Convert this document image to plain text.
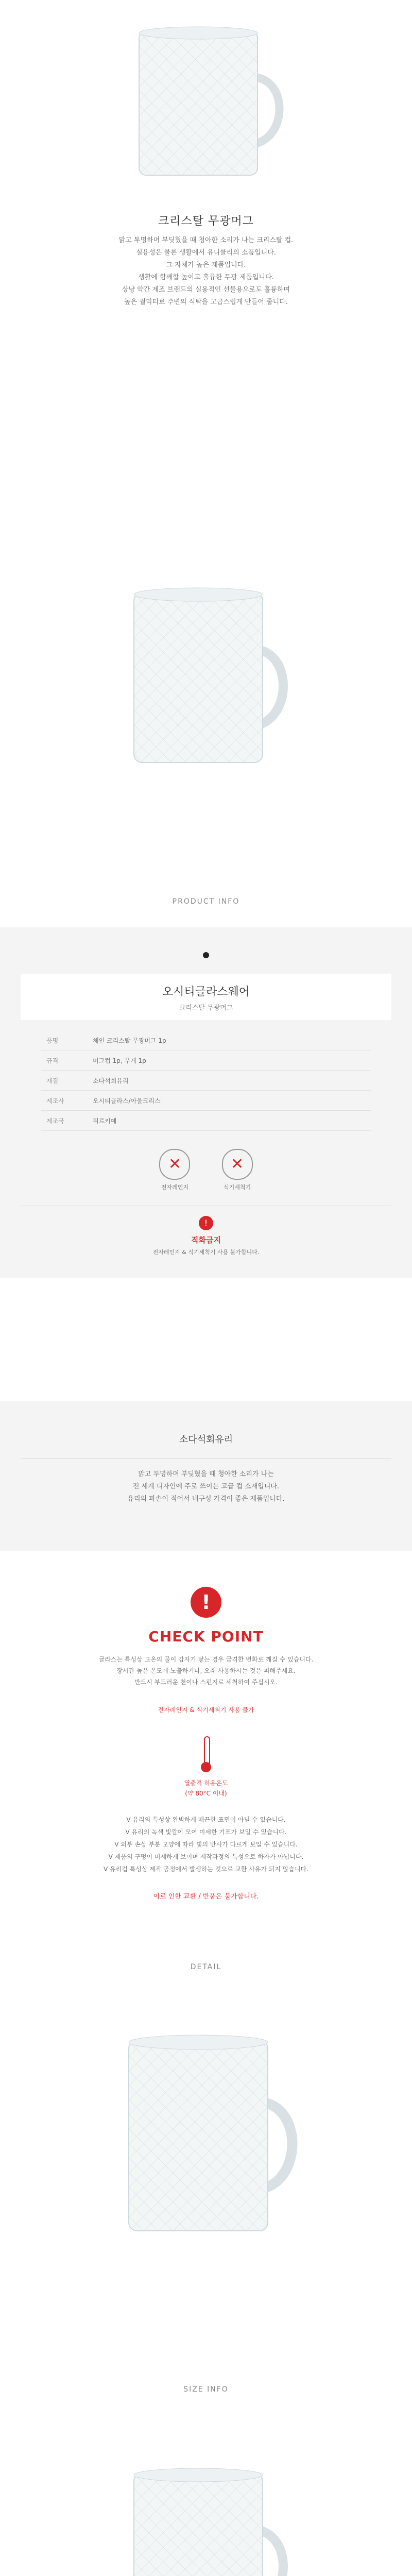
크리스탈 무광머그
맑고 투명하며 부딪혔을 때 청아한 소리가 나는 크리스탈 컵.
실용성은 물론 생활에서 유니클리의 소품입니다.
그 자체가 높은 제품입니다.
생활에 함께할 높이고 훌륭한 무광 제품입니다.
상냥 약간 제조 브랜드의 실용적인 선물용으로도 훌륭하며
높은 퀄리티로 주변의 식탁을 고급스럽게 만들어 줍니다.
PRODUCT INFO
오시티글라스웨어
크리스탈 무광머그
품명	체인 크리스탈 무광머그 1p
규격	머그컵 1p, 무게 1p
재질	소다석회유리
제조사	오시티글라스/아울크리스
제조국	튀르키예
✕
전자레인지

✕
식기세척기
!
직화금지
전자레인지 & 식기세척기 사용 불가합니다.
소다석회유리
맑고 투명하며 부딪혔을 때 청아한 소리가 나는
전 세계 디자인에 주로 쓰이는 고급 컵 소재입니다.
유리의 파손이 적어서 내구성 가격이 좋은 제품입니다.
!
CHECK POINT
글라스는 특성상 고온의 물이 갑자기 닿는 경우 급격한 변화로 깨질 수 있습니다.
장시간 높은 온도에 노출하거나, 오래 사용하시는 것은 피해주세요.
반드시 부드러운 천이나 스펀지로 세척하여 주십시오.
전자레인지 & 식기세척기 사용 불가
열충격 허용온도
(약 80°C 이내)
V 유리의 특성상 완벽하게 매끈한 표면이 아닐 수 있습니다.
V 유리의 녹색 빛깔이 모여 미세한 기포가 보일 수 있습니다.
V 외부 손상 부분 모양에 따라 빛의 반사가 다르게 보일 수 있습니다.
V 제품의 구멍이 미세하게 보이며 제작과정의 특성으로 하자가 아닙니다.
V 유리컵 특성상 제작 공정에서 발생하는 것으로 교환 사유가 되지 않습니다.
이로 인한 교환 / 반품은 불가합니다.
DETAIL
SIZE INFO
